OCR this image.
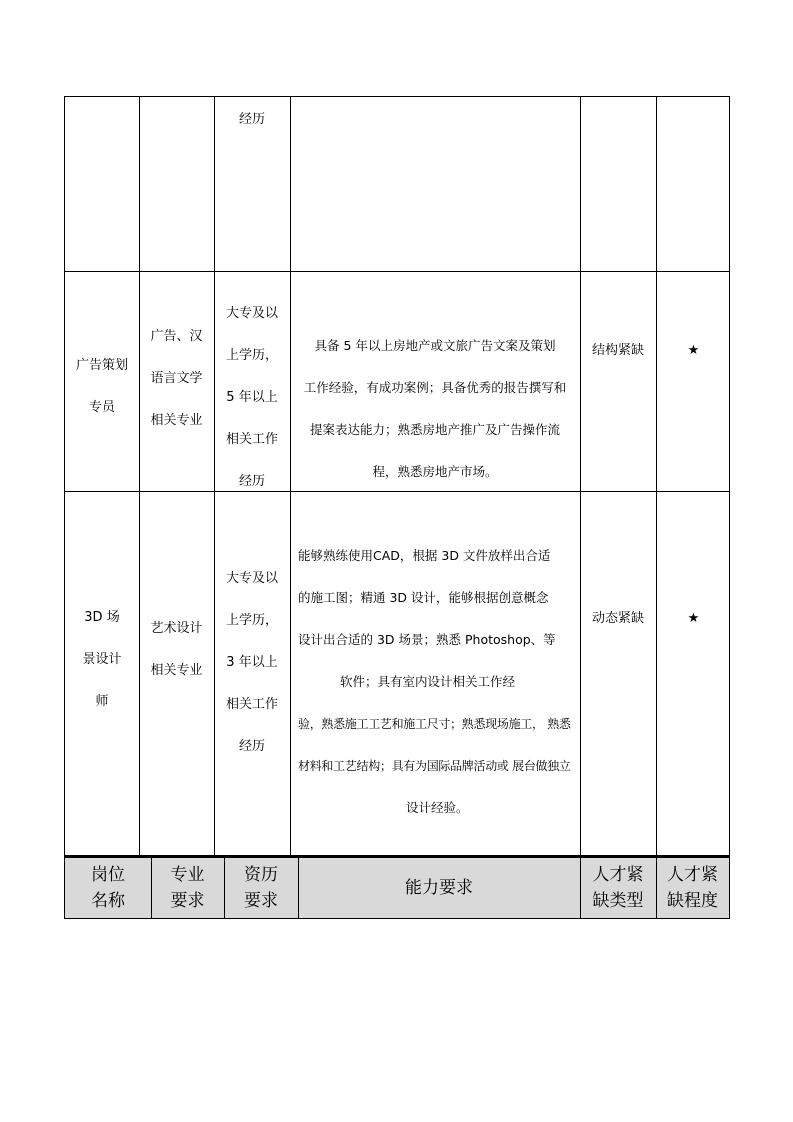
经历
广告策划
专员
广告、汉
语言文学
相关专业
大专及以
上学历，
5 年以上
相关工作
经历
具备 5 年以上房地产或文旅广告文案及策划
工作经验，有成功案例；具备优秀的报告撰写和
提案表达能力；熟悉房地产推广及广告操作流
程，熟悉房地产市场。
结构紧缺	★
3D 场
景设计
师
艺术设计
相关专业
大专及以
上学历，
3 年以上
相关工作
经历
能够熟练使用CAD，根据 3D 文件放样出合适
的施工图；精通 3D 设计，能够根据创意概念
设计出合适的 3D 场景；熟悉 Photoshop、等
软件；具有室内设计相关工作经
验，熟悉施工工艺和施工尺寸；熟悉现场施工， 熟悉
材料和工艺结构；具有为国际品牌活动或 展台做独立
设计经验。
动态紧缺	★
岗位
名称
专业
要求
资历
要求
能力要求
人才紧
缺类型
人才紧
缺程度
